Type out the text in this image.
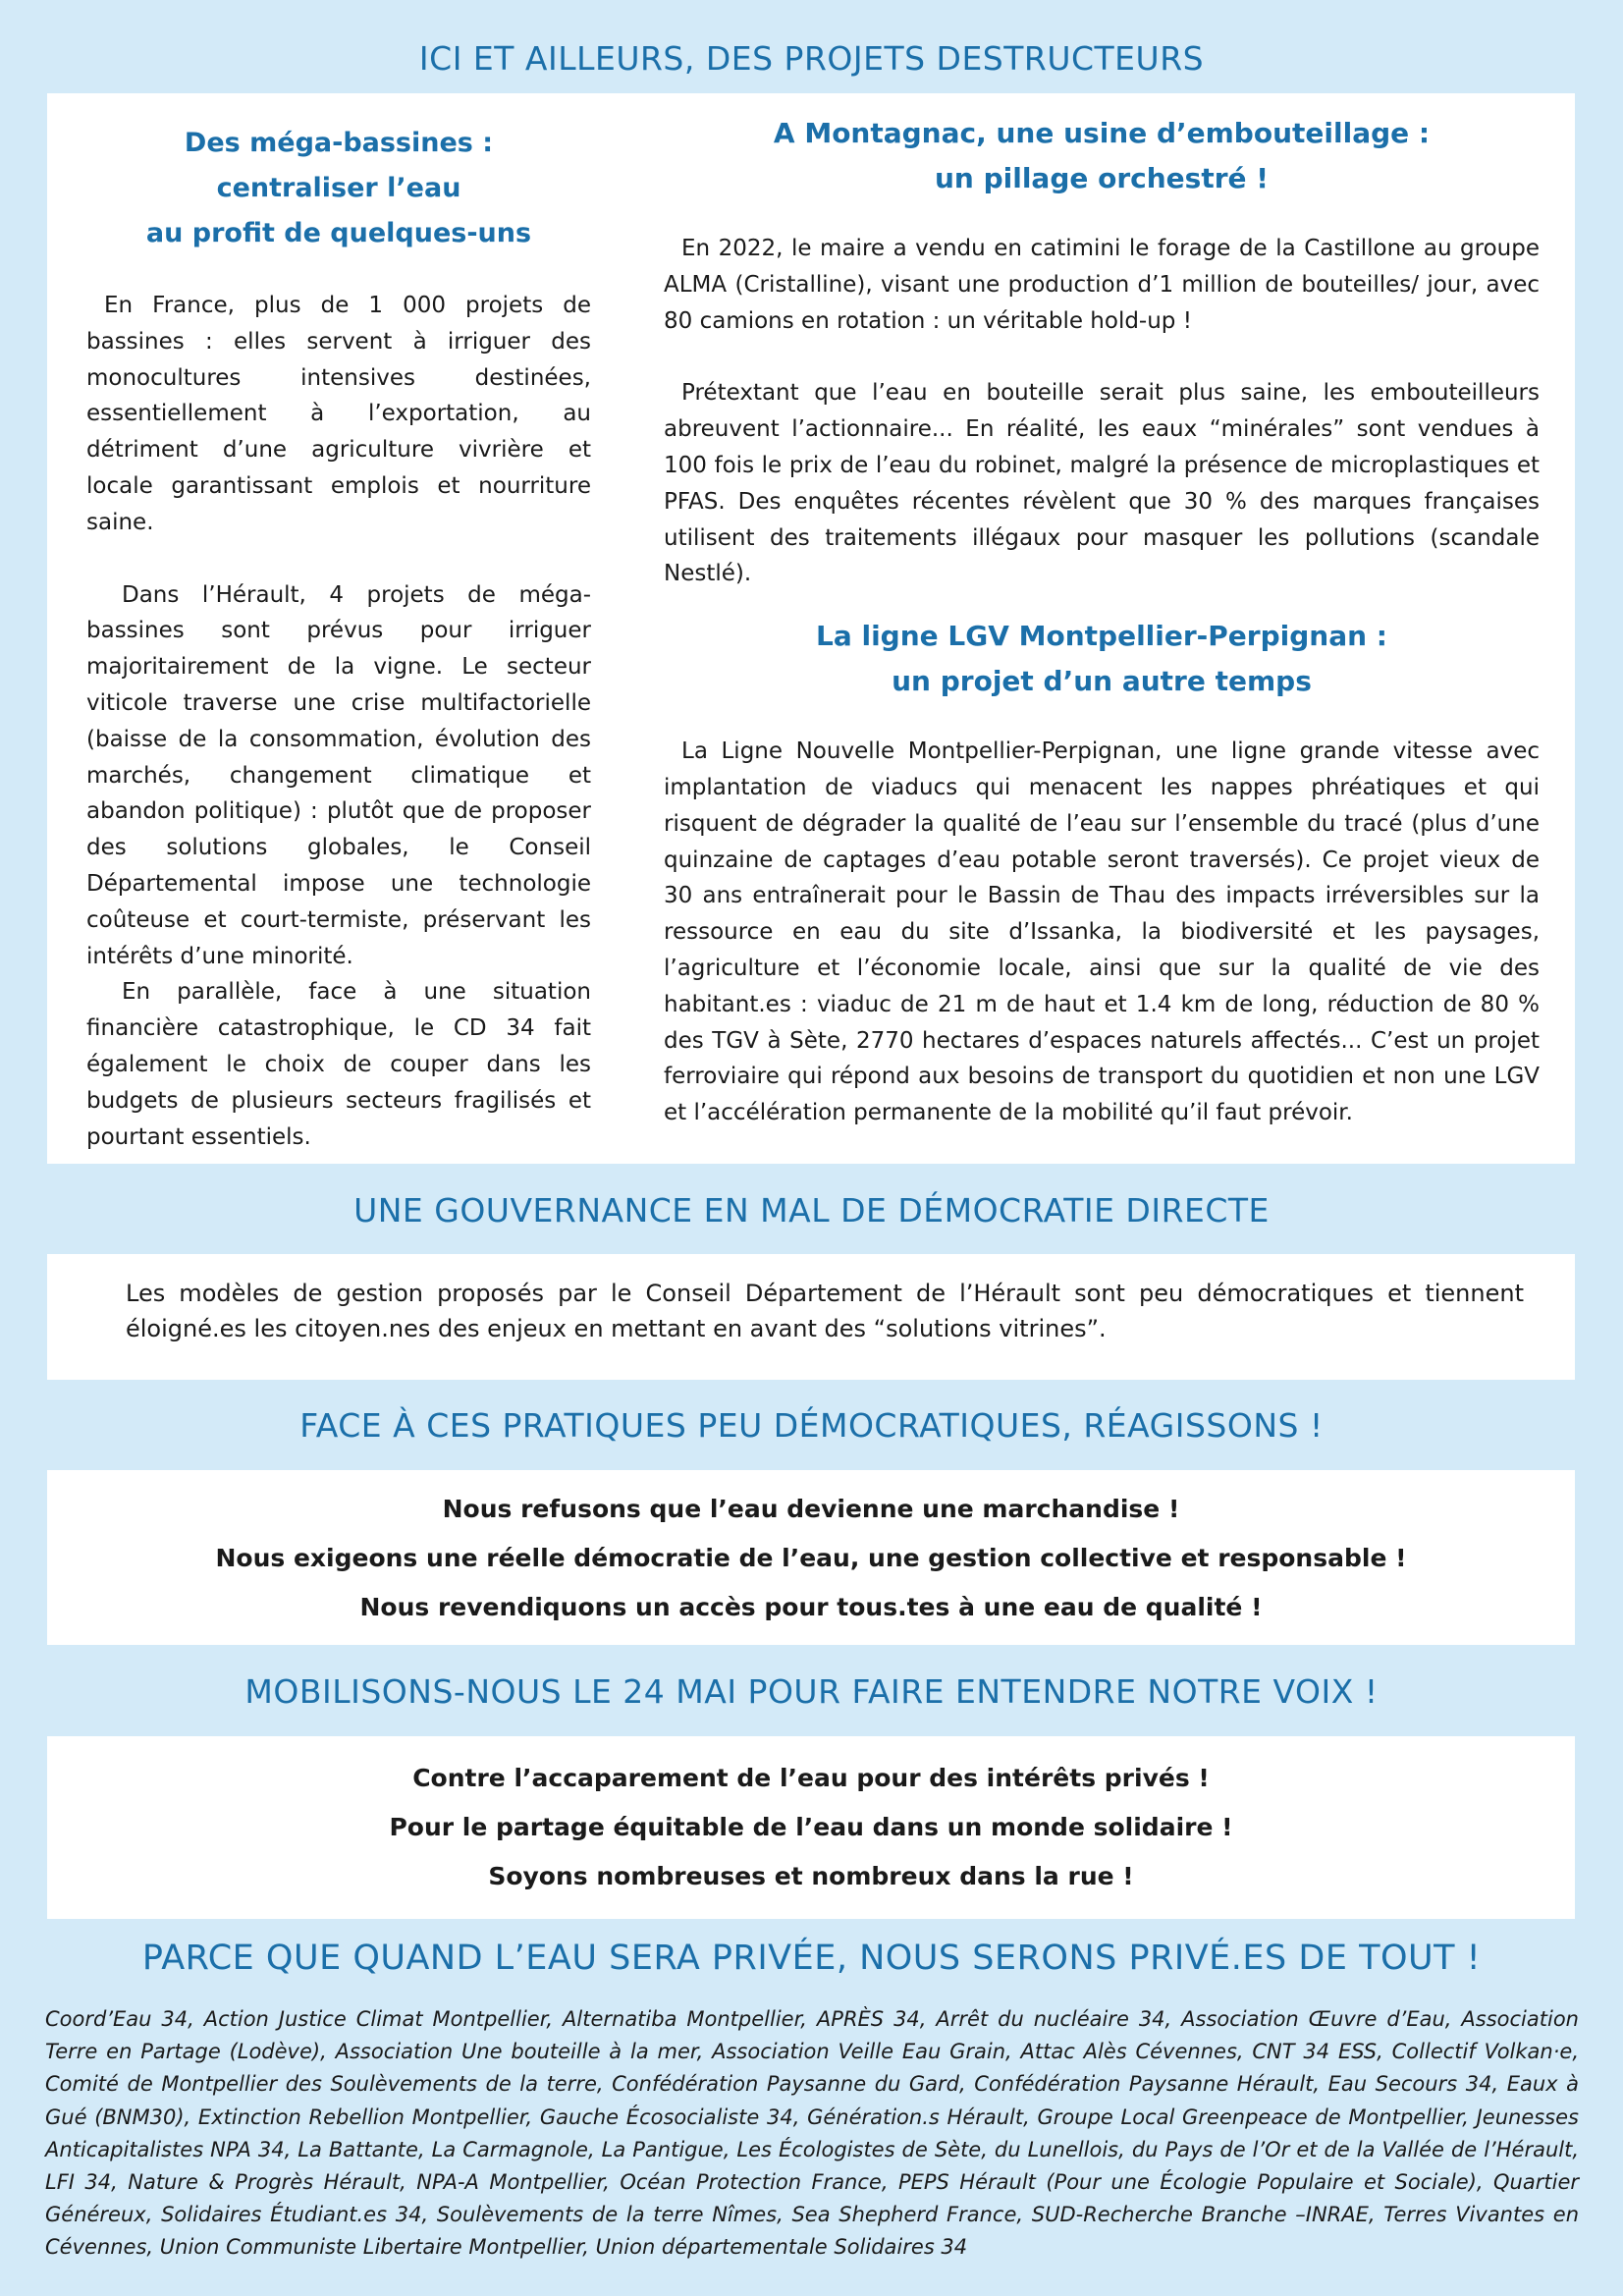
ICI ET AILLEURS, DES PROJETS DESTRUCTEURS
Des méga-bassines :
centraliser l’eau
au profit de quelques-uns

En France, plus de 1 000 projets de bassines : elles servent à irriguer des monocultures intensives destinées, essentiellement à l’exportation, au détriment d’une agriculture vivrière et locale garantissant emplois et nourriture saine.

Dans l’Hérault, 4 projets de méga-bassines sont prévus pour irriguer majoritairement de la vigne. Le secteur viticole traverse une crise multifactorielle (baisse de la consommation, évolution des marchés, changement climatique et abandon politique) : plutôt que de proposer des solutions globales, le Conseil Départemental impose une technologie coûteuse et court-termiste, préservant les intérêts d’une minorité.

En parallèle, face à une situation financière catastrophique, le CD 34 fait également le choix de couper dans les budgets de plusieurs secteurs fragilisés et pourtant essentiels.

A Montagnac, une usine d’embouteillage :
un pillage orchestré !

En 2022, le maire a vendu en catimini le forage de la Castillone au groupe ALMA (Cristalline), visant une production d’1 million de bouteilles/ jour, avec 80 camions en rotation : un véritable hold-up !

Prétextant que l’eau en bouteille serait plus saine, les embouteilleurs abreuvent l’actionnaire... En réalité, les eaux “minérales” sont vendues à 100 fois le prix de l’eau du robinet, malgré la présence de microplastiques et PFAS. Des enquêtes récentes révèlent que 30 % des marques françaises utilisent des traitements illégaux pour masquer les pollutions (scandale Nestlé).

La ligne LGV Montpellier-Perpignan :
un projet d’un autre temps

La Ligne Nouvelle Montpellier-Perpignan, une ligne grande vitesse avec implantation de viaducs qui menacent les nappes phréatiques et qui risquent de dégrader la qualité de l’eau sur l’ensemble du tracé (plus d’une quinzaine de captages d’eau potable seront traversés). Ce projet vieux de 30 ans entraînerait pour le Bassin de Thau des impacts irréversibles sur la ressource en eau du site d’Issanka, la biodiversité et les paysages, l’agriculture et l’économie locale, ainsi que sur la qualité de vie des habitant.es : viaduc de 21 m de haut et 1.4 km de long, réduction de 80 % des TGV à Sète, 2770 hectares d’espaces naturels affectés... C’est un projet ferroviaire qui répond aux besoins de transport du quotidien et non une LGV et l’accélération permanente de la mobilité qu’il faut prévoir.

UNE GOUVERNANCE EN MAL DE DÉMOCRATIE DIRECTE

Les modèles de gestion proposés par le Conseil Département de l’Hérault sont peu démocratiques et tiennent éloigné.es les citoyen.nes des enjeux en mettant en avant des “solutions vitrines”.

FACE À CES PRATIQUES PEU DÉMOCRATIQUES, RÉAGISSONS !

Nous refusons que l’eau devienne une marchandise !

Nous exigeons une réelle démocratie de l’eau, une gestion collective et responsable !

Nous revendiquons un accès pour tous.tes à une eau de qualité !

MOBILISONS-NOUS LE 24 MAI POUR FAIRE ENTENDRE NOTRE VOIX !

Contre l’accaparement de l’eau pour des intérêts privés !

Pour le partage équitable de l’eau dans un monde solidaire !

Soyons nombreuses et nombreux dans la rue !

PARCE QUE QUAND L’EAU SERA PRIVÉE, NOUS SERONS PRIVÉ.ES DE TOUT !

Coord’Eau 34, Action Justice Climat Montpellier, Alternatiba Montpellier, APRÈS 34, Arrêt du nucléaire 34, Association Œuvre d’Eau, Association Terre en Partage (Lodève), Association Une bouteille à la mer, Association Veille Eau Grain, Attac Alès Cévennes, CNT 34 ESS, Collectif Volkan·e, Comité de Montpellier des Soulèvements de la terre, Confédération Paysanne du Gard, Confédération Paysanne Hérault, Eau Secours 34, Eaux à Gué (BNM30), Extinction Rebellion Montpellier, Gauche Écosocialiste 34, Génération.s Hérault, Groupe Local Greenpeace de Montpellier, Jeunesses Anticapitalistes NPA 34, La Battante, La Carmagnole, La Pantigue, Les Écologistes de Sète, du Lunellois, du Pays de l’Or et de la Vallée de l’Hérault, LFI 34, Nature & Progrès Hérault, NPA-A Montpellier, Océan Protection France, PEPS Hérault (Pour une Écologie Populaire et Sociale), Quartier Généreux, Solidaires Étudiant.es 34, Soulèvements de la terre Nîmes, Sea Shepherd France, SUD-Recherche Branche –INRAE, Terres Vivantes en Cévennes, Union Communiste Libertaire Montpellier, Union départementale Solidaires 34
